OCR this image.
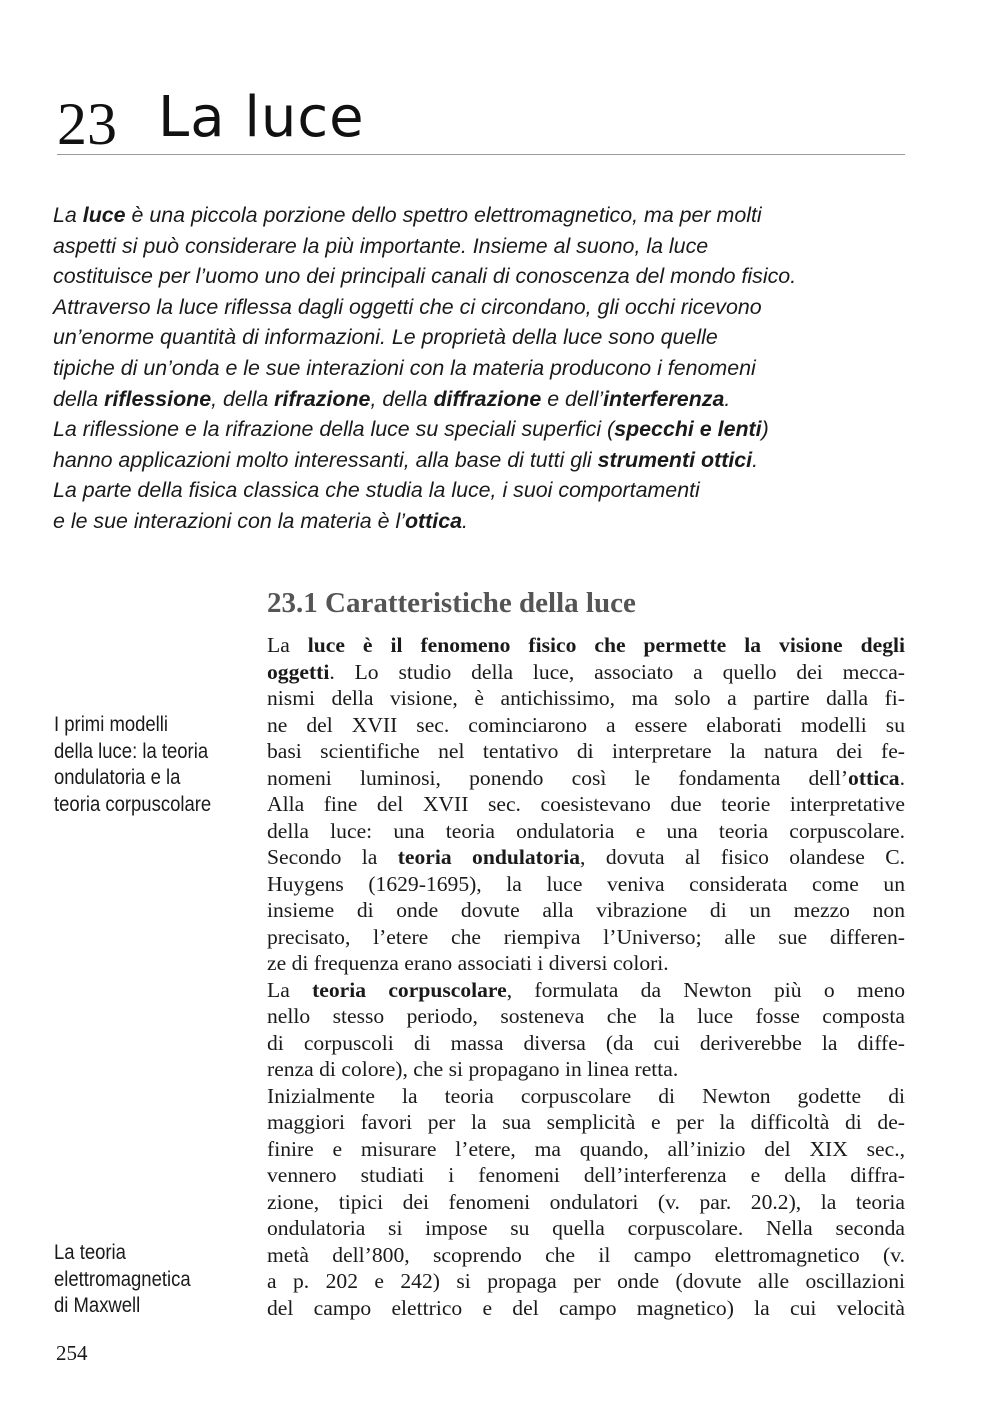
23 La luce
La luce è una piccola porzione dello spettro elettromagnetico, ma per molti
aspetti si può considerare la più importante. Insieme al suono, la luce
costituisce per l’uomo uno dei principali canali di conoscenza del mondo fisico.
Attraverso la luce riflessa dagli oggetti che ci circondano, gli occhi ricevono
un’enorme quantità di informazioni. Le proprietà della luce sono quelle
tipiche di un’onda e le sue interazioni con la materia producono i fenomeni
della riflessione, della rifrazione, della diffrazione e dell’interferenza.
La riflessione e la rifrazione della luce su speciali superfici (specchi e lenti)
hanno applicazioni molto interessanti, alla base di tutti gli strumenti ottici.
La parte della fisica classica che studia la luce, i suoi comportamenti
e le sue interazioni con la materia è l’ottica.
23.1 Caratteristiche della luce
La luce è il fenomeno fisico che permette la visione degli
oggetti. Lo studio della luce, associato a quello dei mecca-
nismi della visione, è antichissimo, ma solo a partire dalla fi-
ne del XVII sec. cominciarono a essere elaborati modelli su
basi scientifiche nel tentativo di interpretare la natura dei fe-
nomeni luminosi, ponendo così le fondamenta dell’ottica.
Alla fine del XVII sec. coesistevano due teorie interpretative
della luce: una teoria ondulatoria e una teoria corpuscolare.
Secondo la teoria ondulatoria, dovuta al fisico olandese C.
Huygens (1629-1695), la luce veniva considerata come un
insieme di onde dovute alla vibrazione di un mezzo non
precisato, l’etere che riempiva l’Universo; alle sue differen-
ze di frequenza erano associati i diversi colori.
La teoria corpuscolare, formulata da Newton più o meno
nello stesso periodo, sosteneva che la luce fosse composta
di corpuscoli di massa diversa (da cui deriverebbe la diffe-
renza di colore), che si propagano in linea retta.
Inizialmente la teoria corpuscolare di Newton godette di
maggiori favori per la sua semplicità e per la difficoltà di de-
finire e misurare l’etere, ma quando, all’inizio del XIX sec.,
vennero studiati i fenomeni dell’interferenza e della diffra-
zione, tipici dei fenomeni ondulatori (v. par. 20.2), la teoria
ondulatoria si impose su quella corpuscolare. Nella seconda
metà dell’800, scoprendo che il campo elettromagnetico (v.
a p. 202 e 242) si propaga per onde (dovute alle oscillazioni
del campo elettrico e del campo magnetico) la cui velocità
I primi modelli
della luce: la teoria
ondulatoria e la
teoria corpuscolare
La teoria
elettromagnetica
di Maxwell
254
